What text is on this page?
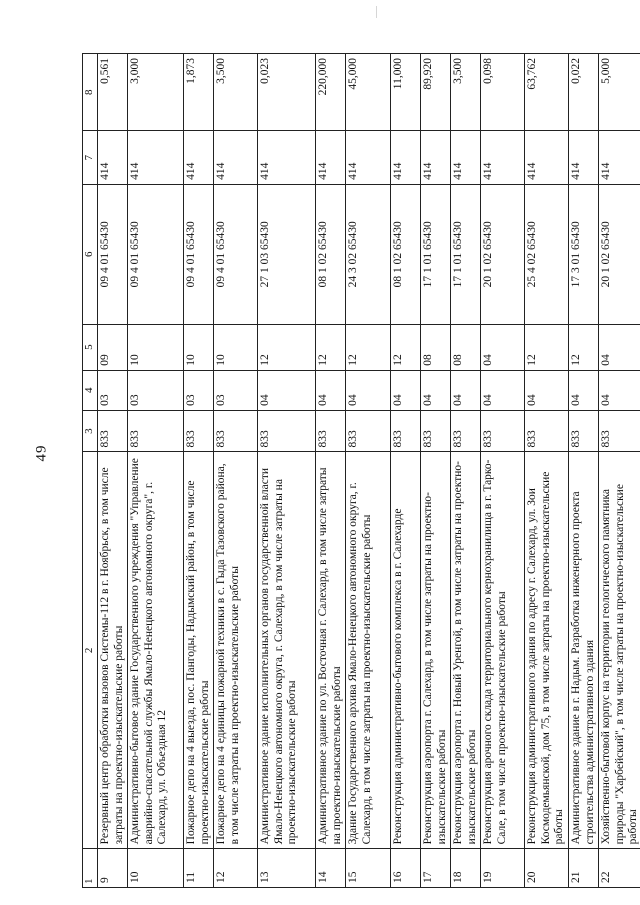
49
1	2	3	4	5	6	7	8
9	Резервный центр обработки вызовов Системы-112 в г. Ноябрьск, в том числе затраты на проектно-изыскательские работы	833	03	09	09 4 01 65430	414	0,561
10	Административно-бытовое здание Государственного учреждения "Управление аварийно-спасательной службы Ямало-Ненецкого автономного округа", г. Салехард, ул. Объездная 12	833	03	10	09 4 01 65430	414	3,000
11	Пожарное депо на 4 выезда, пос. Пангоды, Надымский район, в том числе проектно-изыскательские работы	833	03	10	09 4 01 65430	414	1,873
12	Пожарное депо на 4 единицы пожарной техники в с. Гыда Тазовского района, в том числе затраты на проектно-изыскательские работы	833	03	10	09 4 01 65430	414	3,500
13	Административное здание исполнительных органов государственной власти Ямало-Ненецкого автономного округа, г. Салехард, в том числе затраты на проектно-изыскательские работы	833	04	12	27 1 03 65430	414	0,023
14	Административное здание по ул. Восточная г. Салехард, в том числе затраты на проектно-изыскательские работы	833	04	12	08 1 02 65430	414	220,000
15	Здание Государственного архива Ямало-Ненецкого автономного округа, г. Салехард, в том числе затраты на проектно-изыскательские работы	833	04	12	24 3 02 65430	414	45,000
16	Реконструкция административно-бытового комплекса в г. Салехарде	833	04	12	08 1 02 65430	414	11,000
17	Реконструкция аэропорта г. Салехард, в том числе затраты на проектно-изыскательские работы	833	04	08	17 1 01 65430	414	89,920
18	Реконструкция аэропорта г. Новый Уренгой, в том числе затраты на проектно-изыскательские работы	833	04	08	17 1 01 65430	414	3,500
19	Реконструкция арочного склада территориального кернохранилища в г. Тарко-Сале, в том числе проектно-изыскательские работы	833	04	04	20 1 02 65430	414	0,098
20	Реконструкция административного здания по адресу г. Салехард, ул. Зои Космодемьянской, дом 75, в том числе затраты на проектно-изыскательские работы	833	04	12	25 4 02 65430	414	63,762
21	Административное здание в г. Надым. Разработка инженерного проекта строительства административного здания	833	04	12	17 3 01 65430	414	0,022
22	Хозяйственно-бытовой корпус на территории геологического памятника природы "Харбейский", в том числе затраты на проектно-изыскательские работы	833	04	04	20 1 02 65430	414	5,000
